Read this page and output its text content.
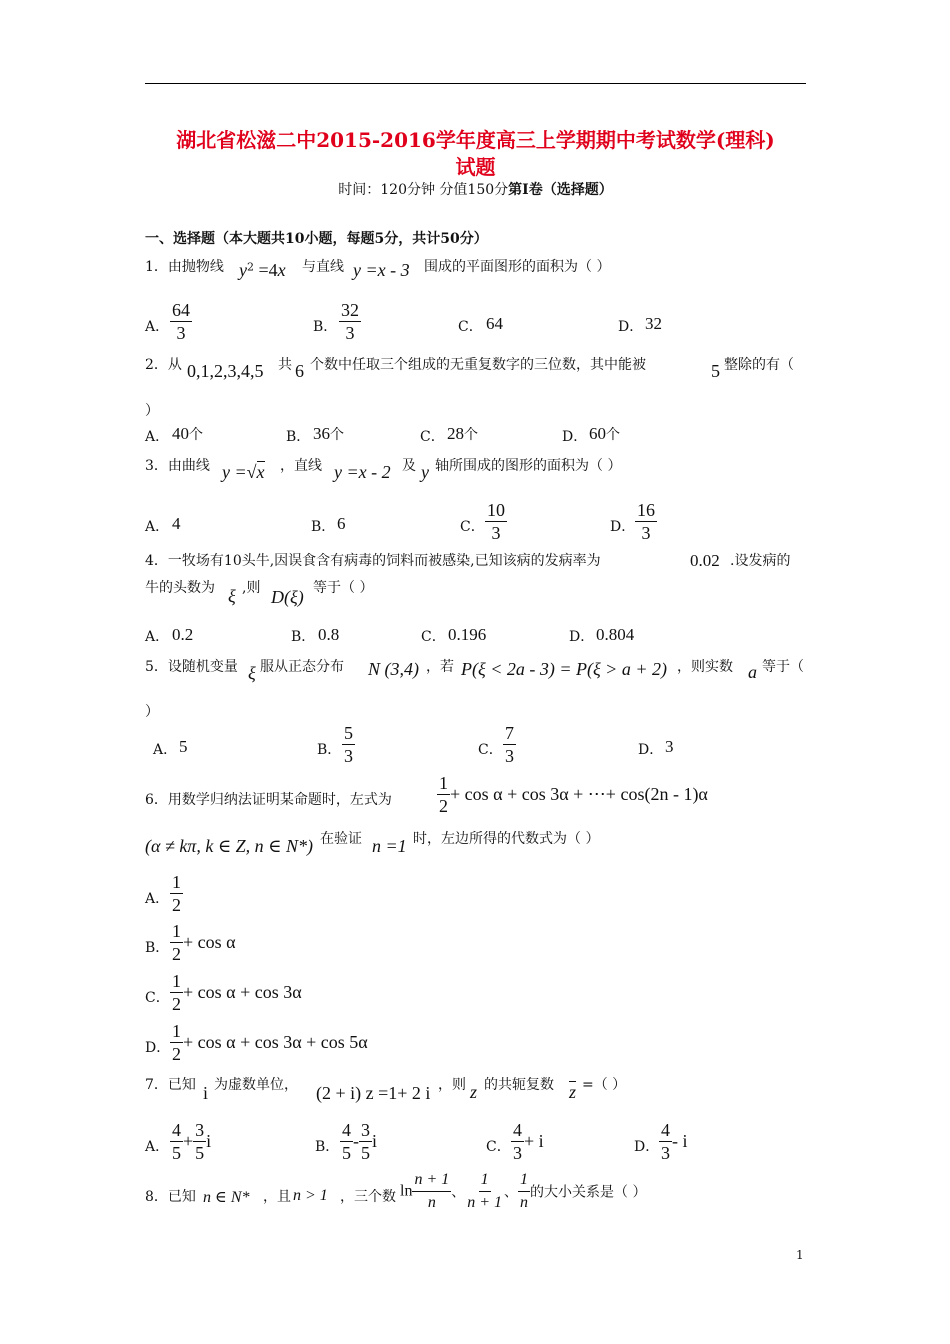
湖北省松滋二中2015-2016学年度高三上学期期中考试数学(理科)
试题
时间：120分钟 分值150分第I卷（选择题）
一、选择题（本大题共10小题，每题5分，共计50分）
1．由抛物线 $y^2 =4x$ 与直线 y =x - 3 围成的平面图形的面积为（ ）
A． $\frac{64}{3}$	B． $\frac{32}{3}$	C． 64	D． 32
2．从 0,1,2,3,4,5 共 6 个数中任取三个组成的无重复数字的三位数，其中能被	5 整除的有（
）
A． 40个	B． 36个	C． 28个	D． 60个
3．由曲线 y =√x ，直线 y =x - 2 及 y 轴所围成的图形的面积为（ ）
A． 4	B． 6	C． $\frac{10}{3}$	D． $\frac{16}{3}$
4．一牧场有10头牛,因误食含有病毒的饲料而被感染,已知该病的发病率为	0.02 .设发病的
牛的头数为 ξ ,则 D(ξ) 等于（ ）
A． 0.2	B． 0.8	C． 0.196	D． 0.804
5．设随机变量 ξ 服从正态分布 N (3,4) ，若 P(ξ < 2a - 3) = P(ξ > a + 2) ，则实数 a 等于（
）
A． 5	B． $\frac{5}{3}$	C． $\frac{7}{3}$	D． 3
6．用数学归纳法证明某命题时，左式为	$\frac{1}{2} + \cos \alpha + \cos 3\alpha$ + ⋯+ cos(2n - 1)α
(α ≠ kπ, k ∈ Z, n ∈ N*) 在验证 n =1 时，左边所得的代数式为（ ）
A． $\frac{1}{2}$
B． $\frac{1}{2} + \cos \alpha$
C． $\frac{1}{2} + \cos \alpha + \cos 3\alpha$
D． $\frac{1}{2} + \cos \alpha + \cos 3\alpha + \cos 5\alpha$
7．已知 i 为虚数单位， (2 + i) z =1+ 2 i ，则 z 的共轭复数 $\overline{z}$ =（ ）
A． $\frac{4}{5} + \frac{3}{5}$ i	B． $\frac{4}{5} - \frac{3}{5}$ i	C． $\frac{4}{3} + i$	D． $\frac{4}{3}$ - i
8．已知 n ∈ N* ，且 n > 1 ，三个数 $\ln \frac{n + 1}{n}$ 、 $\frac{1}{n + 1}$ 、 $\frac{1}{n}$ 的大小关系是（ ）
1
